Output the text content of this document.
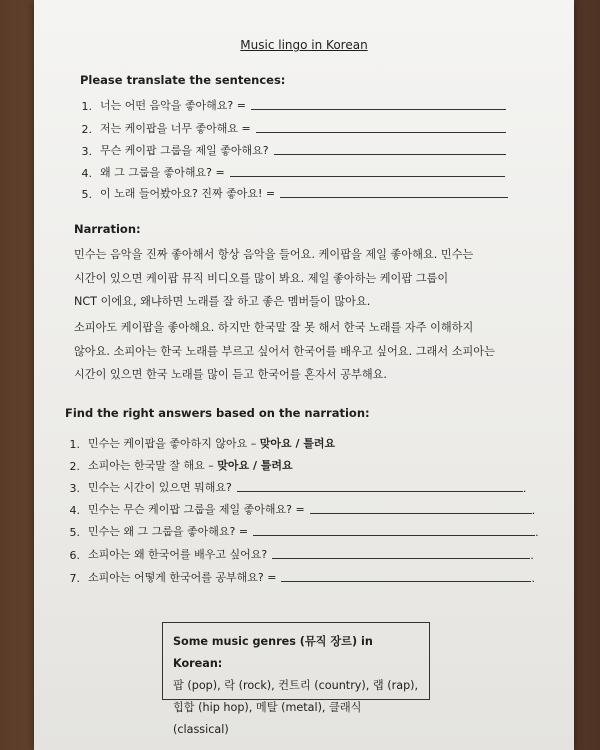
Music lingo in Korean
Please translate the sentences:
1. 너는 어떤 음악을 좋아해요? =
2. 저는 케이팝을 너무 좋아해요 =
3. 무슨 케이팝 그룹을 제일 좋아해요?
4. 왜 그 그룹을 좋아해요? =
5. 이 노래 들어봤아요? 진짜 좋아요! =
Narration:
민수는 음악을 진짜 좋아해서 항상 음악을 들어요. 케이팝을 제일 좋아해요. 민수는
시간이 있으면 케이팝 뮤직 비디오를 많이 봐요. 제일 좋아하는 케이팝 그룹이
NCT 이에요, 왜냐하면 노래를 잘 하고 좋은 멤버들이 많아요.
소피아도 케이팝을 좋아해요. 하지만 한국말 잘 못 해서 한국 노래를 자주 이해하지
않아요. 소피아는 한국 노래를 부르고 싶어서 한국어를 배우고 싶어요. 그래서 소피아는
시간이 있으면 한국 노래를 많이 듣고 한국어를 혼자서 공부해요.
Find the right answers based on the narration:
1. 민수는 케이팝을 좋아하지 않아요 –
맞아요 / 틀려요
2. 소피아는 한국말 잘 해요 –
맞아요 / 틀려요
3. 민수는 시간이 있으면 뭐해요?	.
4. 민수는 무슨 케이팝 그룹을 제일 좋아해요? =	.
5. 민수는 왜 그 그룹을 좋아해요? =	.
6. 소피아는 왜 한국어를 배우고 싶어요?	.
7. 소피아는 어떻게 한국어를 공부해요? =	.
Some music genres (뮤직 장르) in Korean:
팝 (pop), 락 (rock), 컨트리 (country), 랩 (rap),
힙합 (hip hop), 메탈 (metal), 클래식 (classical)
